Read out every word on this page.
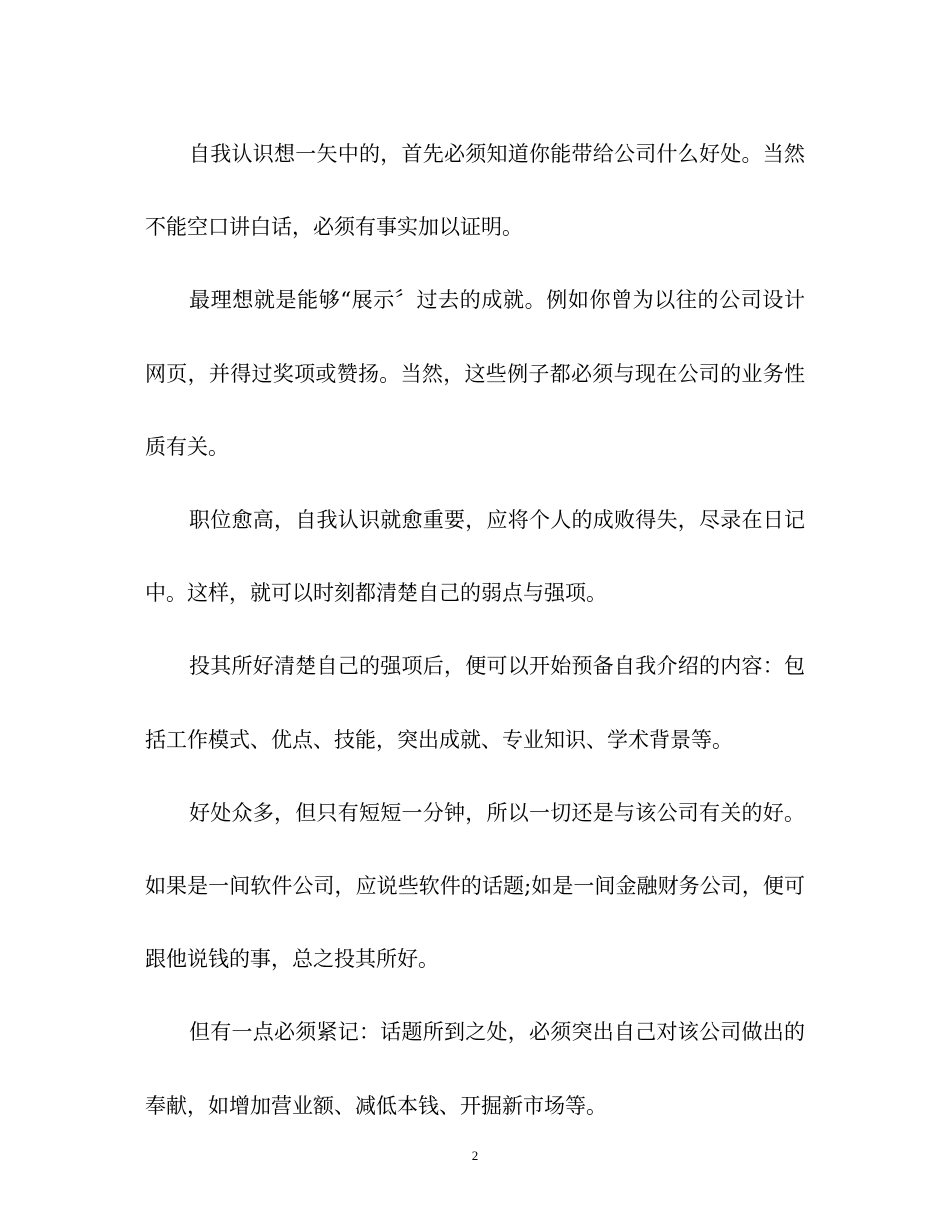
自我认识想一矢中的，首先必须知道你能带给公司什么好处。当然不能空口讲白话，必须有事实加以证明。

最理想就是能够“展示〞过去的成就。例如你曾为以往的公司设计网页，并得过奖项或赞扬。当然，这些例子都必须与现在公司的业务性质有关。

职位愈高，自我认识就愈重要，应将个人的成败得失，尽录在日记中。这样，就可以时刻都清楚自己的弱点与强项。

投其所好清楚自己的强项后，便可以开始预备自我介绍的内容：包括工作模式、优点、技能，突出成就、专业知识、学术背景等。

好处众多，但只有短短一分钟，所以一切还是与该公司有关的好。如果是一间软件公司，应说些软件的话题;如是一间金融财务公司，便可跟他说钱的事，总之投其所好。

但有一点必须紧记：话题所到之处，必须突出自己对该公司做出的奉献，如增加营业额、减低本钱、开掘新市场等。

2
